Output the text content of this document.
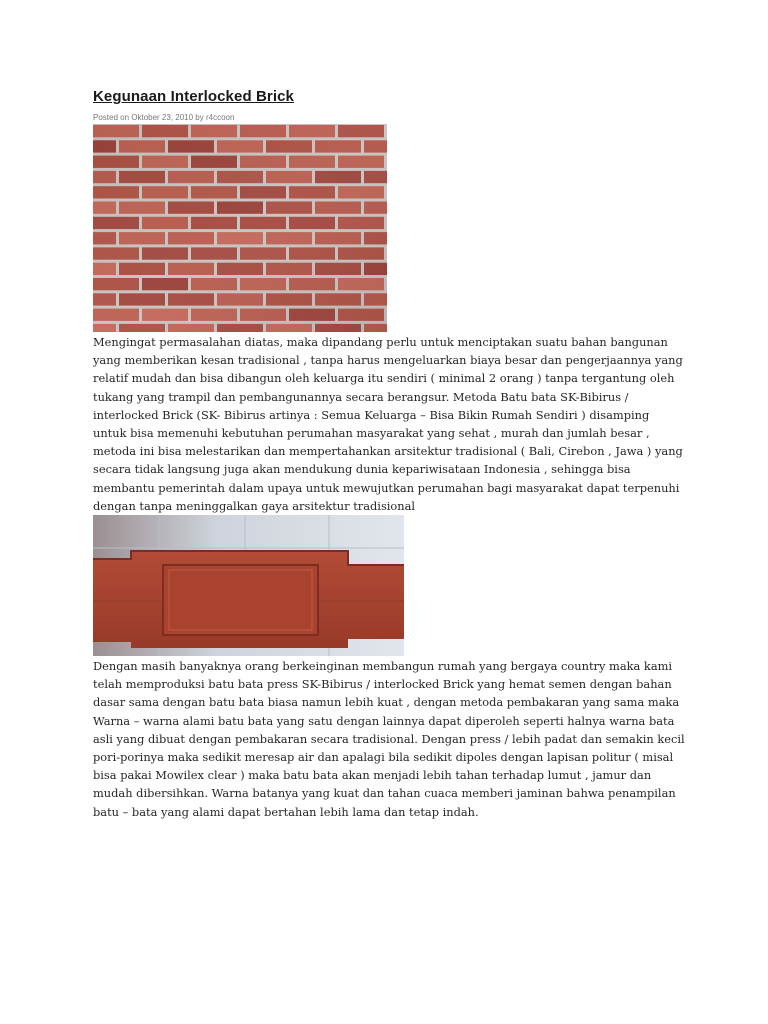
Kegunaan Interlocked Brick
Posted on Oktober 23, 2010 by r4ccoon

Mengingat permasalahan diatas, maka dipandang perlu untuk menciptakan suatu bahan bangunan
yang memberikan kesan tradisional , tanpa harus mengeluarkan biaya besar dan pengerjaannya yang
relatif mudah dan bisa dibangun oleh keluarga itu sendiri ( minimal 2 orang ) tanpa tergantung oleh
tukang yang trampil dan pembangunannya secara berangsur. Metoda Batu bata SK-Bibirus /
interlocked Brick (SK- Bibirus artinya : Semua Keluarga – Bisa Bikin Rumah Sendiri ) disamping
untuk bisa memenuhi kebutuhan perumahan masyarakat yang sehat , murah dan jumlah besar ,
metoda ini bisa melestarikan dan mempertahankan arsitektur tradisional ( Bali, Cirebon , Jawa ) yang
secara tidak langsung juga akan mendukung dunia kepariwisataan Indonesia , sehingga bisa
membantu pemerintah dalam upaya untuk mewujutkan perumahan bagi masyarakat dapat terpenuhi
dengan tanpa meninggalkan gaya arsitektur tradisional

Dengan masih banyaknya orang berkeinginan membangun rumah yang bergaya country maka kami
telah memproduksi batu bata press SK-Bibirus / interlocked Brick yang hemat semen dengan bahan
dasar sama dengan batu bata biasa namun lebih kuat , dengan metoda pembakaran yang sama maka
Warna – warna alami batu bata yang satu dengan lainnya dapat diperoleh seperti halnya warna bata
asli yang dibuat dengan pembakaran secara tradisional. Dengan press / lebih padat dan semakin kecil
pori-porinya maka sedikit meresap air dan apalagi bila sedikit dipoles dengan lapisan politur ( misal
bisa pakai Mowilex clear ) maka batu bata akan menjadi lebih tahan terhadap lumut , jamur dan
mudah dibersihkan. Warna batanya yang kuat dan tahan cuaca memberi jaminan bahwa penampilan
batu – bata yang alami dapat bertahan lebih lama dan tetap indah.
